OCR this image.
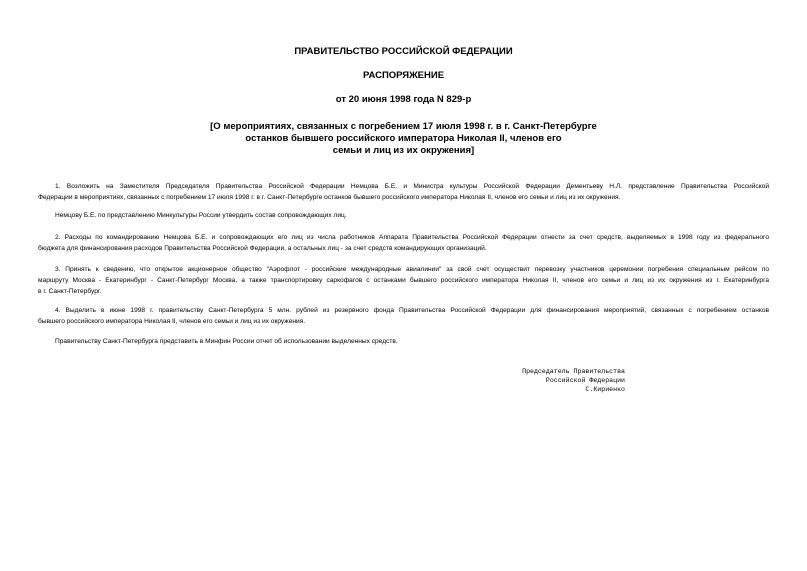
ПРАВИТЕЛЬСТВО РОССИЙСКОЙ ФЕДЕРАЦИИ
РАСПОРЯЖЕНИЕ
от 20 июня 1998 года N 829-р
[О мероприятиях, связанных с погребением 17 июля 1998 г. в г. Санкт-Петербурге
останков бывшего российского императора Николая II, членов его
семьи и лиц из их окружения]
1. Возложить на Заместителя Председателя Правительства Российской Федерации Немцова Б.Е. и Министра культуры Российской Федерации Дементьеву Н.Л. представление Правительства Российской
Федерации в мероприятиях, связанных с погребением 17 июля 1998 г. в г. Санкт-Петербурге останков бывшего российского императора Николая II, членов его семьи и лиц из их окружения.
Немцову Б.Е. по представлению Минкультуры России утвердить состав сопровождающих лиц.
2. Расходы по командированию Немцова Б.Е. и сопровождающих его лиц из числа работников Аппарата Правительства Российской Федерации отнести за счет средств, выделяемых в 1998 году из федерального
бюджета для финансирования расходов Правительства Российской Федерации, а остальных лиц - за счет средств командирующих организаций.
3. Принять к сведению, что открытое акционерное общество "Аэрофлот - российские международные авиалинии" за свой счет осуществит перевозку участников церемонии погребения специальным рейсом по
маршруту Москва - Екатеринбург - Санкт-Петербург Москва, а также транспортировку саркофагов с останками бывшего российского императора Николая II, членов его семьи и лиц из их окружения из г. Екатеринбурга
в г. Санкт-Петербург.
4. Выделить в июне 1998 г. правительству Санкт-Петербурга 5 млн. рублей из резервного фонда Правительства Российской Федерации для финансирования мероприятий, связанных с погребением останков
бывшего российского императора Николая II, членов его семьи и лиц из их окружения.
Правительству Санкт-Петербурга представить в Минфин России отчет об использовании выделенных средств.
Председатель Правительства
Российской Федерации
С.Кириенко
